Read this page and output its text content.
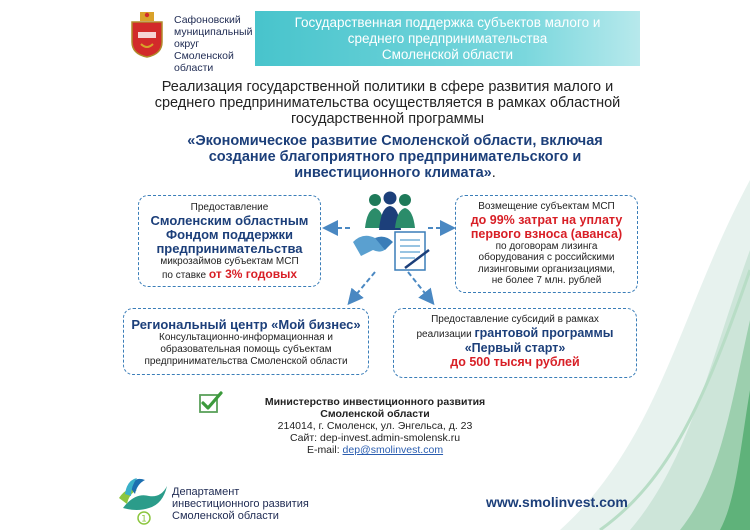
Сафоновский
муниципальный
округ
Смоленской
области
Государственная поддержка субъектов малого и
среднего предпринимательства
Смоленской области
Реализация государственной политики в сфере развития малого и
среднего предпринимательства осуществляется в рамках областной
государственной программы
«Экономическое развитие Смоленской области, включая
создание благоприятного предпринимательского и
инвестиционного климата».
Предоставление
Смоленским областным
Фондом поддержки
предпринимательства
микрозаймов субъектам МСП
по ставке от 3% годовых
Возмещение субъектам МСП
до 99% затрат на уплату
первого взноса (аванса)
по договорам лизинга
оборудования с российскими
лизинговыми организациями,
не более 7 млн. рублей
Региональный центр «Мой бизнес»
Консультационно-информационная и
образовательная помощь субъектам
предпринимательства Смоленской области
Предоставление субсидий в рамках
реализации грантовой программы
«Первый старт»
до 500 тысяч рублей
Министерство инвестиционного развития
Смоленской области
214014, г. Смоленск, ул. Энгельса, д. 23
Сайт: dep-invest.admin-smolensk.ru
E-mail: dep@smolinvest.com
1
Департамент
инвестиционного развития
Смоленской области
www.smolinvest.com
